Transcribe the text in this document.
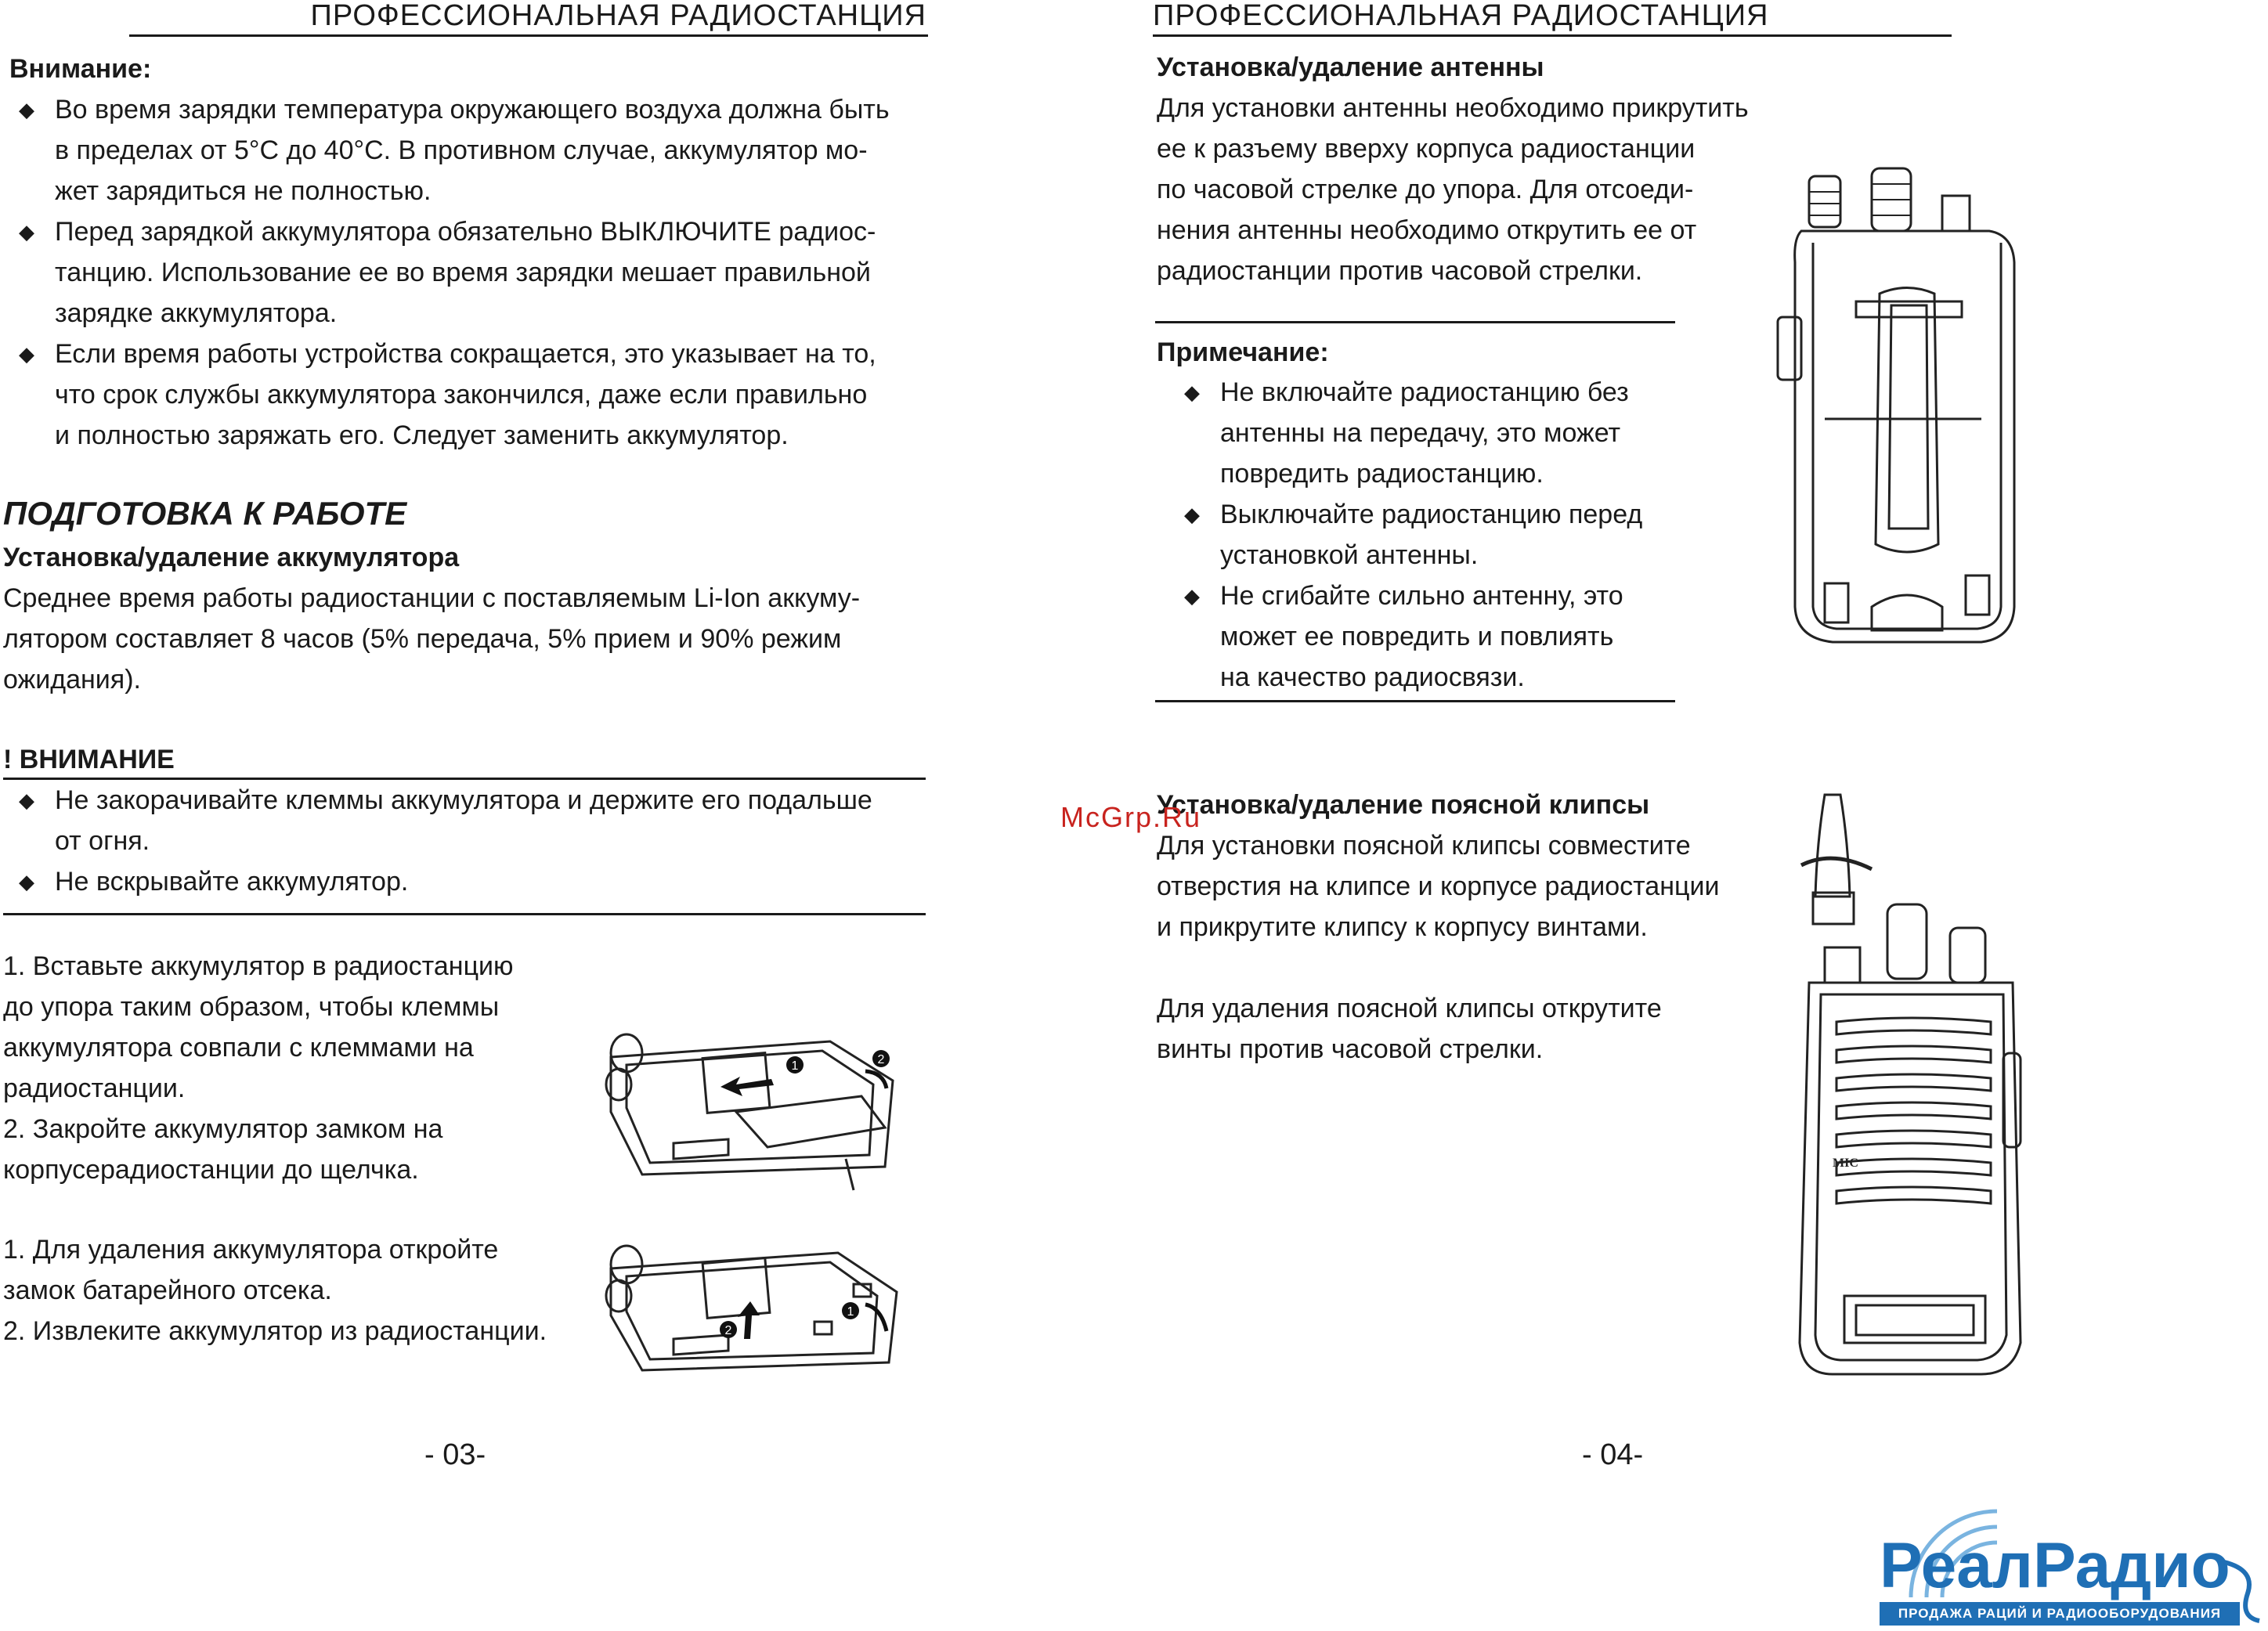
ПРОФЕССИОНАЛЬНАЯ РАДИОСТАНЦИЯ
Внимание:
◆ Во время зарядки температура окружающего воздуха должна быть
в пределах от 5°С до 40°С. В противном случае, аккумулятор мо-
жет зарядиться не полностью.
◆ Перед зарядкой аккумулятора обязательно ВЫКЛЮЧИТЕ радиос-
танцию. Использование ее во время зарядки мешает правильной
зарядке аккумулятора.
◆ Если время работы устройства сокращается, это указывает на то,
что срок службы аккумулятора закончился, даже если правильно
и полностью заряжать его. Следует заменить аккумулятор.
ПОДГОТОВКА К РАБОТЕ
Установка/удаление аккумулятора
Среднее время работы радиостанции с поставляемым Li-Ion аккуму-
лятором составляет 8 часов (5% передача, 5% прием и 90% режим
ожидания).
! ВНИМАНИЕ
◆ Не закорачивайте клеммы аккумулятора и держите его подальше
от огня.
◆ Не вскрывайте аккумулятор.
1. Вставьте аккумулятор в радиостанцию
до упора таким образом, чтобы клеммы
аккумулятора совпали с клеммами на
радиостанции.
2. Закройте аккумулятор замком на
корпусерадиостанции до щелчка.
1. Для удаления аккумулятора откройте
замок батарейного отсека.
2. Извлеките аккумулятор из радиостанции.
1	2
2
1
- 03-
ПРОФЕССИОНАЛЬНАЯ РАДИОСТАНЦИЯ
Установка/удаление антенны
Для установки антенны необходимо прикрутить
ее к разъему вверху корпуса радиостанции
по часовой стрелке до упора. Для отсоеди-
нения антенны необходимо открутить ее от
радиостанции против часовой стрелки.
Примечание:
◆ Не включайте радиостанцию без
антенны на передачу, это может
повредить радиостанцию.
◆ Выключайте радиостанцию перед
установкой антенны.
◆ Не сгибайте сильно антенну, это
может ее повредить и повлиять
на качество радиосвязи.
Установка/удаление поясной клипсы
Для установки поясной клипсы совместите
отверстия на клипсе и корпусе радиостанции
и прикрутите клипсу к корпусу винтами.
Для удаления поясной клипсы открутите
винты против часовой стрелки.
McGrp.Ru
MIC
- 04-
РеалРадио
ПРОДАЖА РАЦИЙ И РАДИООБОРУДОВАНИЯ
